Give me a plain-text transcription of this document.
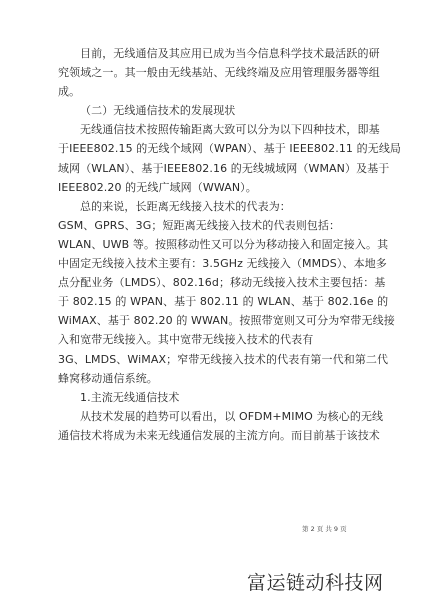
目前，无线通信及其应用已成为当今信息科学技术最活跃的研
究领域之一。其一般由无线基站、无线终端及应用管理服务器等组
成。
（二）无线通信技术的发展现状
无线通信技术按照传输距离大致可以分为以下四种技术，即基
于IEEE802.15 的无线个域网（WPAN）、基于 IEEE802.11 的无线局
域网（WLAN）、基于IEEE802.16 的无线城域网（WMAN）及基于
IEEE802.20 的无线广域网（WWAN）。
总的来说，长距离无线接入技术的代表为：
GSM、GPRS、3G；短距离无线接入技术的代表则包括：
WLAN、UWB 等。按照移动性又可以分为移动接入和固定接入。其
中固定无线接入技术主要有：3.5GHz 无线接入（MMDS）、本地多
点分配业务（LMDS）、802.16d；移动无线接入技术主要包括：基
于 802.15 的 WPAN、基于 802.11 的 WLAN、基于 802.16e 的
WiMAX、基于 802.20 的 WWAN。按照带宽则又可分为窄带无线接
入和宽带无线接入。其中宽带无线接入技术的代表有
3G、LMDS、WiMAX；窄带无线接入技术的代表有第一代和第二代
蜂窝移动通信系统。
1.主流无线通信技术
从技术发展的趋势可以看出，以 OFDM+MIMO 为核心的无线
通信技术将成为未来无线通信发展的主流方向。而目前基于该技术
第 2 页 共 9 页
富运链动科技网
